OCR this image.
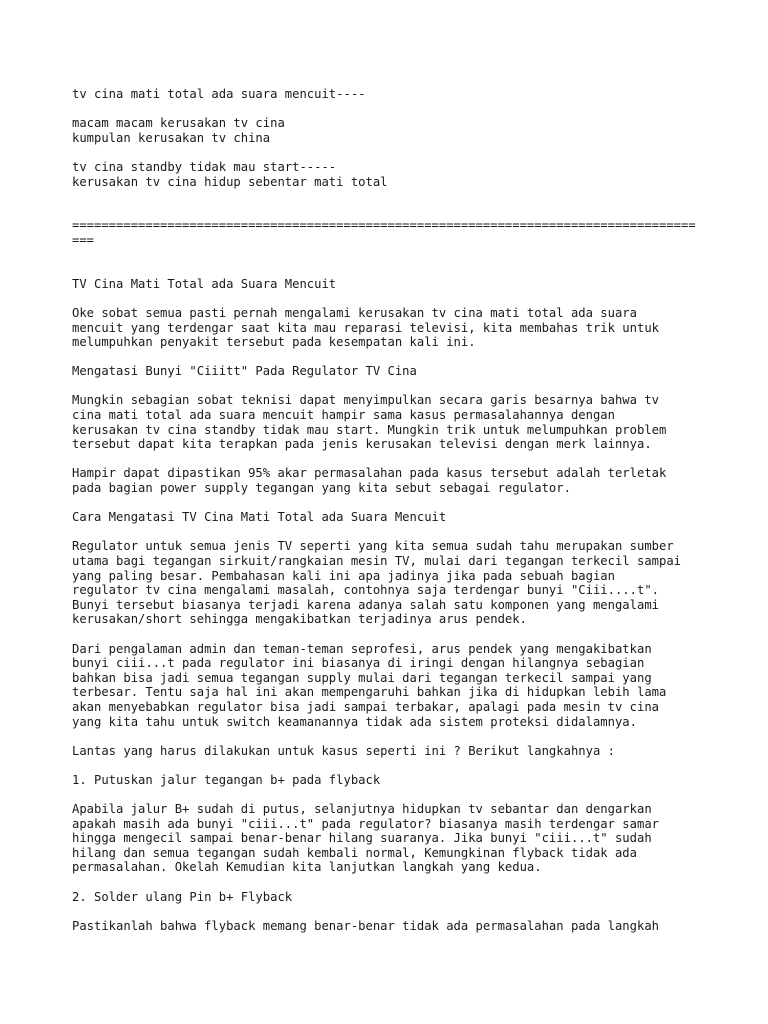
tv cina mati total ada suara mencuit----

macam macam kerusakan tv cina

kumpulan kerusakan tv china

tv cina standby tidak mau start-----

kerusakan tv cina hidup sebentar mati total

=====================================================================================

===

TV Cina Mati Total ada Suara Mencuit

Oke sobat semua pasti pernah mengalami kerusakan tv cina mati total ada suara
mencuit yang terdengar saat kita mau reparasi televisi, kita membahas trik untuk
melumpuhkan penyakit tersebut pada kesempatan kali ini.

Mengatasi Bunyi "Ciiitt" Pada Regulator TV Cina

Mungkin sebagian sobat teknisi dapat menyimpulkan secara garis besarnya bahwa tv
cina mati total ada suara mencuit hampir sama kasus permasalahannya dengan
kerusakan tv cina standby tidak mau start. Mungkin trik untuk melumpuhkan problem
tersebut dapat kita terapkan pada jenis kerusakan televisi dengan merk lainnya.

Hampir dapat dipastikan 95% akar permasalahan pada kasus tersebut adalah terletak
pada bagian power supply tegangan yang kita sebut sebagai regulator.

Cara Mengatasi TV Cina Mati Total ada Suara Mencuit

Regulator untuk semua jenis TV seperti yang kita semua sudah tahu merupakan sumber
utama bagi tegangan sirkuit/rangkaian mesin TV, mulai dari tegangan terkecil sampai
yang paling besar. Pembahasan kali ini apa jadinya jika pada sebuah bagian
regulator tv cina mengalami masalah, contohnya saja terdengar bunyi "Ciii....t".
Bunyi tersebut biasanya terjadi karena adanya salah satu komponen yang mengalami
kerusakan/short sehingga mengakibatkan terjadinya arus pendek.

Dari pengalaman admin dan teman-teman seprofesi, arus pendek yang mengakibatkan
bunyi ciii...t pada regulator ini biasanya di iringi dengan hilangnya sebagian
bahkan bisa jadi semua tegangan supply mulai dari tegangan terkecil sampai yang
terbesar. Tentu saja hal ini akan mempengaruhi bahkan jika di hidupkan lebih lama
akan menyebabkan regulator bisa jadi sampai terbakar, apalagi pada mesin tv cina
yang kita tahu untuk switch keamanannya tidak ada sistem proteksi didalamnya.

Lantas yang harus dilakukan untuk kasus seperti ini ? Berikut langkahnya :

1. Putuskan jalur tegangan b+ pada flyback

Apabila jalur B+ sudah di putus, selanjutnya hidupkan tv sebantar dan dengarkan
apakah masih ada bunyi "ciii...t" pada regulator? biasanya masih terdengar samar
hingga mengecil sampai benar-benar hilang suaranya. Jika bunyi "ciii...t" sudah
hilang dan semua tegangan sudah kembali normal, Kemungkinan flyback tidak ada
permasalahan. Okelah Kemudian kita lanjutkan langkah yang kedua.

2. Solder ulang Pin b+ Flyback

Pastikanlah bahwa flyback memang benar-benar tidak ada permasalahan pada langkah
